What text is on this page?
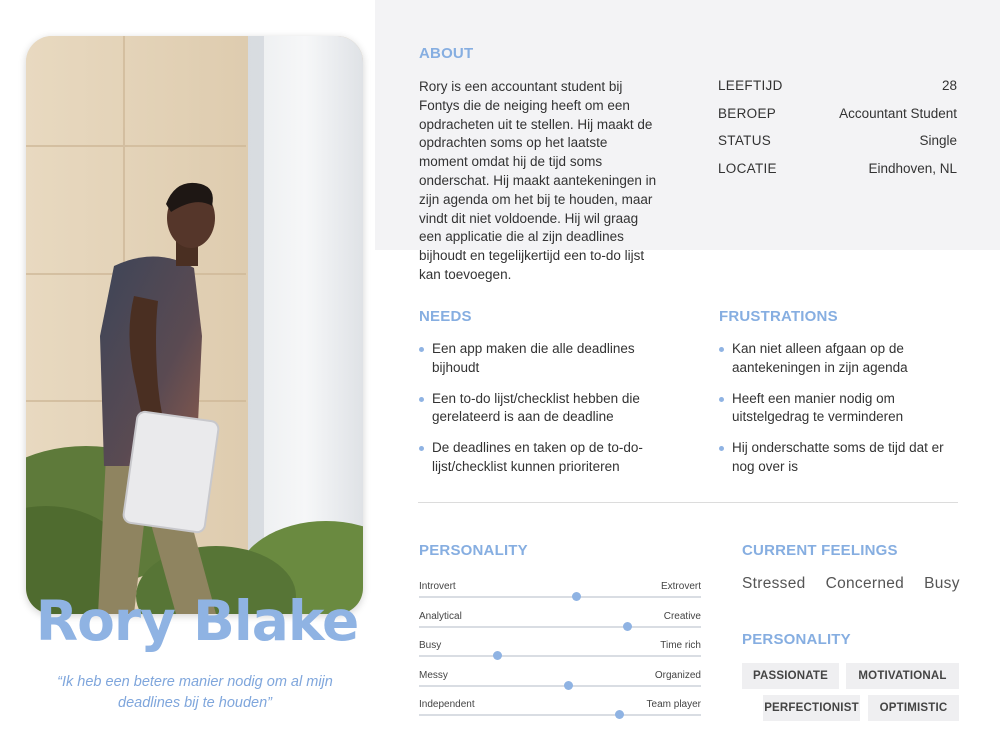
Rory Blake
“Ik heb een betere manier nodig om al mijn deadlines bij te houden”
ABOUT
Rory is een accountant student bij Fontys die de neiging heeft om een opdracheten uit te stellen. Hij maakt de opdrachten soms op het laatste moment omdat hij de tijd soms onderschat. Hij maakt aantekeningen in zijn agenda om het bij te houden, maar vindt dit niet voldoende. Hij wil graag een applicatie die al zijn deadlines bijhoudt en tegelijkertijd een to-do lijst kan toevoegen.
LEEFTIJD	28
BEROEP	Accountant Student
STATUS	Single
LOCATIE	Eindhoven, NL
NEEDS
Een app maken die alle deadlines bijhoudt
Een to-do lijst/checklist hebben die gerelateerd is aan de deadline
De deadlines en taken op de to-do-lijst/checklist kunnen prioriteren
FRUSTRATIONS
Kan niet alleen afgaan op de aantekeningen in zijn agenda
Heeft een manier nodig om uitstelgedrag te verminderen
Hij onderschatte soms de tijd dat er nog over is
PERSONALITY
Introvert	Extrovert
Analytical	Creative
Busy	Time rich
Messy	Organized
Independent	Team player
CURRENT FEELINGS
Stressed Concerned Busy
PERSONALITY
PASSIONATE	MOTIVATIONAL
PERFECTIONIST	OPTIMISTIC
